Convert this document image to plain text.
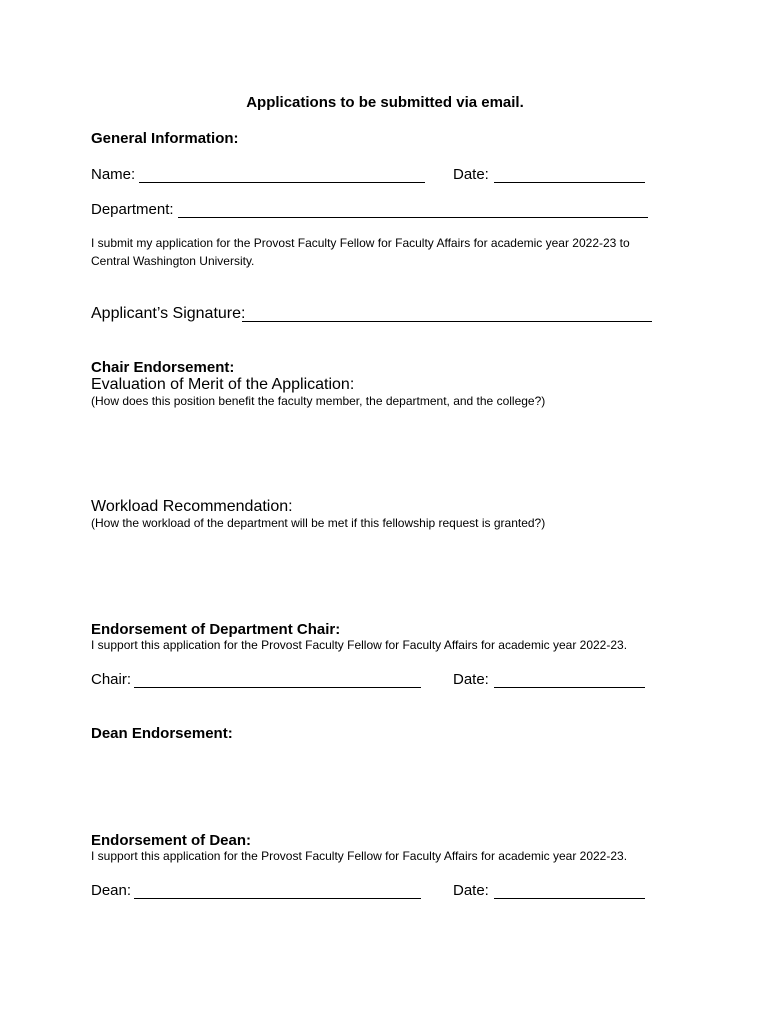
Applications to be submitted via email.
General Information:
Name:	Date:
Department:
I submit my application for the Provost Faculty Fellow for Faculty Affairs for academic year 2022-23 to
Central Washington University.
Applicant’s Signature:
Chair Endorsement:
Evaluation of Merit of the Application:
(How does this position benefit the faculty member, the department, and the college?)
Workload Recommendation:
(How the workload of the department will be met if this fellowship request is granted?)
Endorsement of Department Chair:
I support this application for the Provost Faculty Fellow for Faculty Affairs for academic year 2022-23.
Chair:	Date:
Dean Endorsement:
Endorsement of Dean:
I support this application for the Provost Faculty Fellow for Faculty Affairs for academic year 2022-23.
Dean:	Date:
